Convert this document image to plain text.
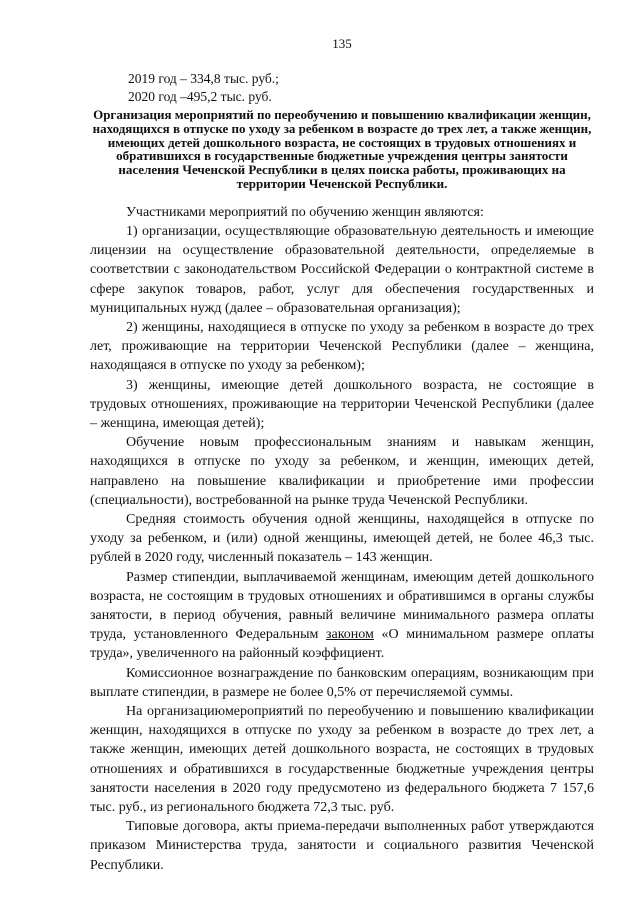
135
2019 год – 334,8 тыс. руб.;
2020 год –495,2 тыс. руб.
Организация мероприятий по переобучению и повышению квалификации женщин, находящихся в отпуске по уходу за ребенком в возрасте до трех лет, а также женщин, имеющих детей дошкольного возраста, не состоящих в трудовых отношениях и обратившихся в государственные бюджетные учреждения центры занятости населения Чеченской Республики в целях поиска работы, проживающих на территории Чеченской Республики.

Участниками мероприятий по обучению женщин являются:

1) организации, осуществляющие образовательную деятельность и имеющие лицензии на осуществление образовательной деятельности, определяемые в соответствии с законодательством Российской Федерации о контрактной системе в сфере закупок товаров, работ, услуг для обеспечения государственных и муниципальных нужд (далее – образовательная организация);

2) женщины, находящиеся в отпуске по уходу за ребенком в возрасте до трех лет, проживающие на территории Чеченской Республики (далее – женщина, находящаяся в отпуске по уходу за ребенком);

3) женщины, имеющие детей дошкольного возраста, не состоящие в трудовых отношениях, проживающие на территории Чеченской Республики (далее – женщина, имеющая детей);

Обучение новым профессиональным знаниям и навыкам женщин, находящихся в отпуске по уходу за ребенком, и женщин, имеющих детей, направлено на повышение квалификации и приобретение ими профессии (специальности), востребованной на рынке труда Чеченской Республики.

Средняя стоимость обучения одной женщины, находящейся в отпуске по уходу за ребенком, и (или) одной женщины, имеющей детей, не более 46,3 тыс. рублей в 2020 году, численный показатель – 143 женщин.

Размер стипендии, выплачиваемой женщинам, имеющим детей дошкольного возраста, не состоящим в трудовых отношениях и обратившимся в органы службы занятости, в период обучения, равный величине минимального размера оплаты труда, установленного Федеральным законом «О минимальном размере оплаты труда», увеличенного на районный коэффициент.

Комиссионное вознаграждение по банковским операциям, возникающим при выплате стипендии, в размере не более 0,5% от перечисляемой суммы.

На организациюмероприятий по переобучению и повышению квалификации женщин, находящихся в отпуске по уходу за ребенком в возрасте до трех лет, а также женщин, имеющих детей дошкольного возраста, не состоящих в трудовых отношениях и обратившихся в государственные бюджетные учреждения центры занятости населения в 2020 году предусмотено из федерального бюджета 7 157,6 тыс. руб., из регионального бюджета 72,3 тыс. руб.

Типовые договора, акты приема-передачи выполненных работ утверждаются приказом Министерства труда, занятости и социального развития Чеченской Республики.
